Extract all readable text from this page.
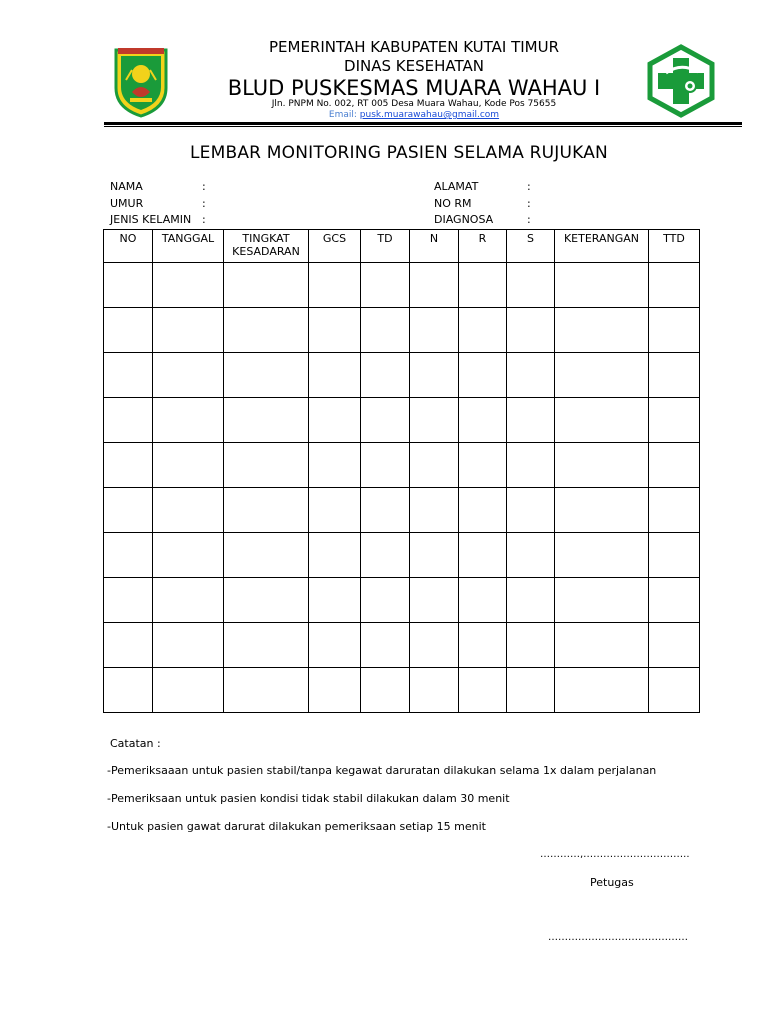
PEMERINTAH KABUPATEN KUTAI TIMUR
DINAS KESEHATAN
BLUD PUSKESMAS MUARA WAHAU I
Jln. PNPM No. 002, RT 005 Desa Muara Wahau, Kode Pos 75655
Email: pusk.muarawahau@gmail.com
LEMBAR MONITORING PASIEN SELAMA RUJUKAN
NAMA	:
UMUR	:
JENIS KELAMIN :
ALAMAT	:
NO RM	:
DIAGNOSA	:
NO	TANGGAL	TINGKAT KESADARAN	GCS	TD	N	R	S	KETERANGAN	TTD

Catatan :
-Pemeriksaaan untuk pasien stabil/tanpa kegawat daruratan dilakukan selama 1x dalam perjalanan
-Pemeriksaan untuk pasien kondisi tidak stabil dilakukan dalam 30 menit
-Untuk pasien gawat darurat dilakukan pemeriksaan setiap 15 menit
…………,…………………………..
Petugas
……………………………………
